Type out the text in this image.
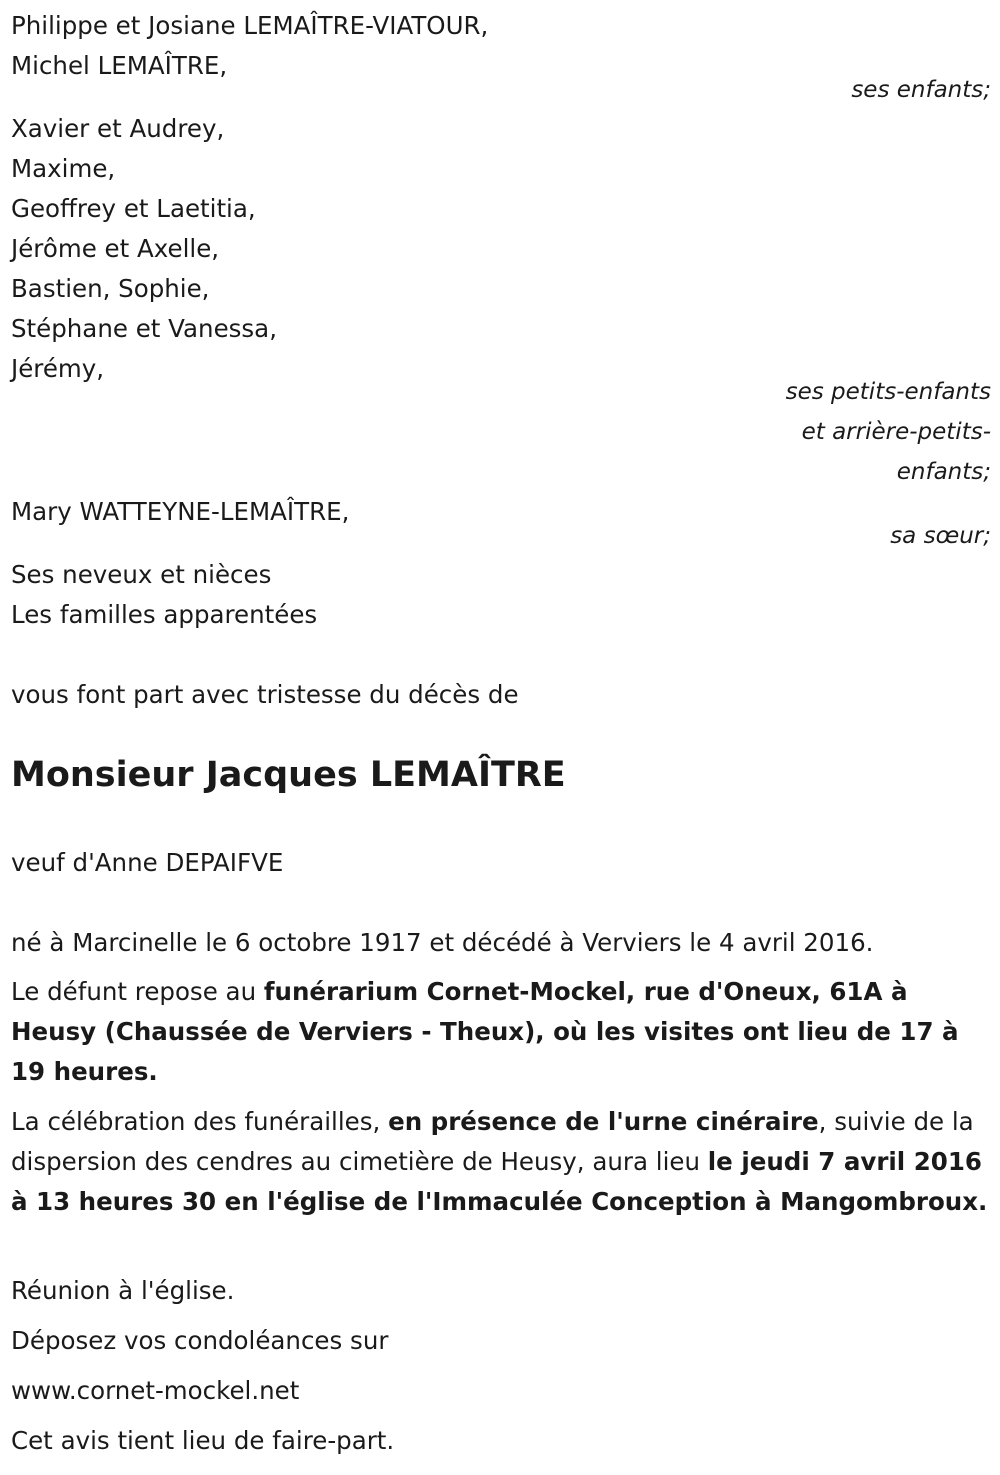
Philippe et Josiane LEMAÎTRE-VIATOUR,
Michel LEMAÎTRE,
ses enfants;
Xavier et Audrey,
Maxime,
Geoffrey et Laetitia,
Jérôme et Axelle,
Bastien, Sophie,
Stéphane et Vanessa,
Jérémy,
ses petits-enfants
et arrière-petits-
enfants;
Mary WATTEYNE-LEMAÎTRE,
sa sœur;
Ses neveux et nièces
Les familles apparentées
vous font part avec tristesse du décès de
Monsieur Jacques LEMAÎTRE
veuf d'Anne DEPAIFVE
né à Marcinelle le 6 octobre 1917 et décédé à Verviers le 4 avril 2016.
Le défunt repose au funérarium Cornet-Mockel, rue d'Oneux, 61A à Heusy (Chaussée de Verviers - Theux), où les visites ont lieu de 17 à 19 heures.
La célébration des funérailles, en présence de l'urne cinéraire, suivie de la dispersion des cendres au cimetière de Heusy, aura lieu le jeudi 7 avril 2016 à 13 heures 30 en l'église de l'Immaculée Conception à Mangombroux.
Réunion à l'église.
Déposez vos condoléances sur
www.cornet-mockel.net
Cet avis tient lieu de faire-part.
